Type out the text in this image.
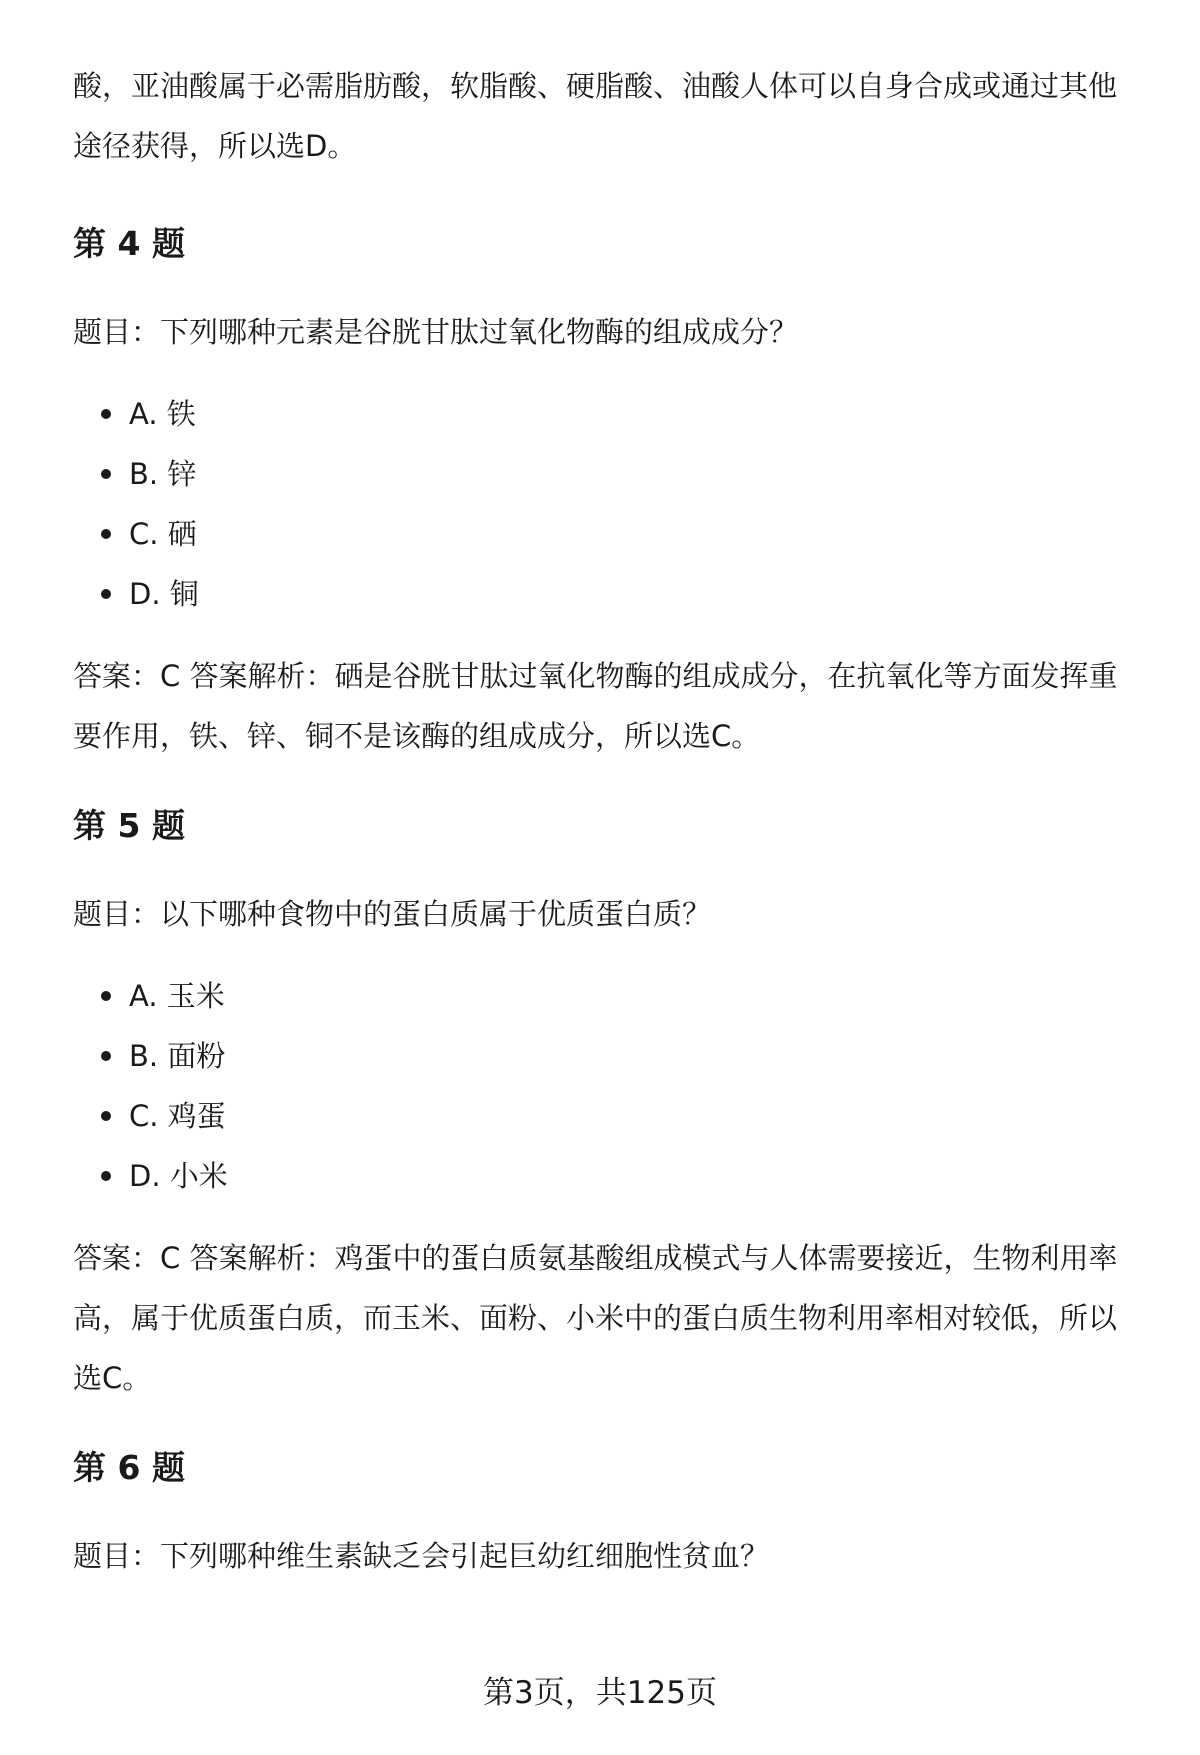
酸，亚油酸属于必需脂肪酸，软脂酸、硬脂酸、油酸人体可以自身合成或通过其他

途径获得，所以选D。

第 4 题

题目：下列哪种元素是谷胱甘肽过氧化物酶的组成成分？

A. 铁
B. 锌
C. 硒
D. 铜

答案：C 答案解析：硒是谷胱甘肽过氧化物酶的组成成分，在抗氧化等方面发挥重

要作用，铁、锌、铜不是该酶的组成成分，所以选C。

第 5 题

题目：以下哪种食物中的蛋白质属于优质蛋白质？

A. 玉米
B. 面粉
C. 鸡蛋
D. 小米

答案：C 答案解析：鸡蛋中的蛋白质氨基酸组成模式与人体需要接近，生物利用率

高，属于优质蛋白质，而玉米、面粉、小米中的蛋白质生物利用率相对较低，所以

选C。

第 6 题

题目：下列哪种维生素缺乏会引起巨幼红细胞性贫血？

第3页，共125页
